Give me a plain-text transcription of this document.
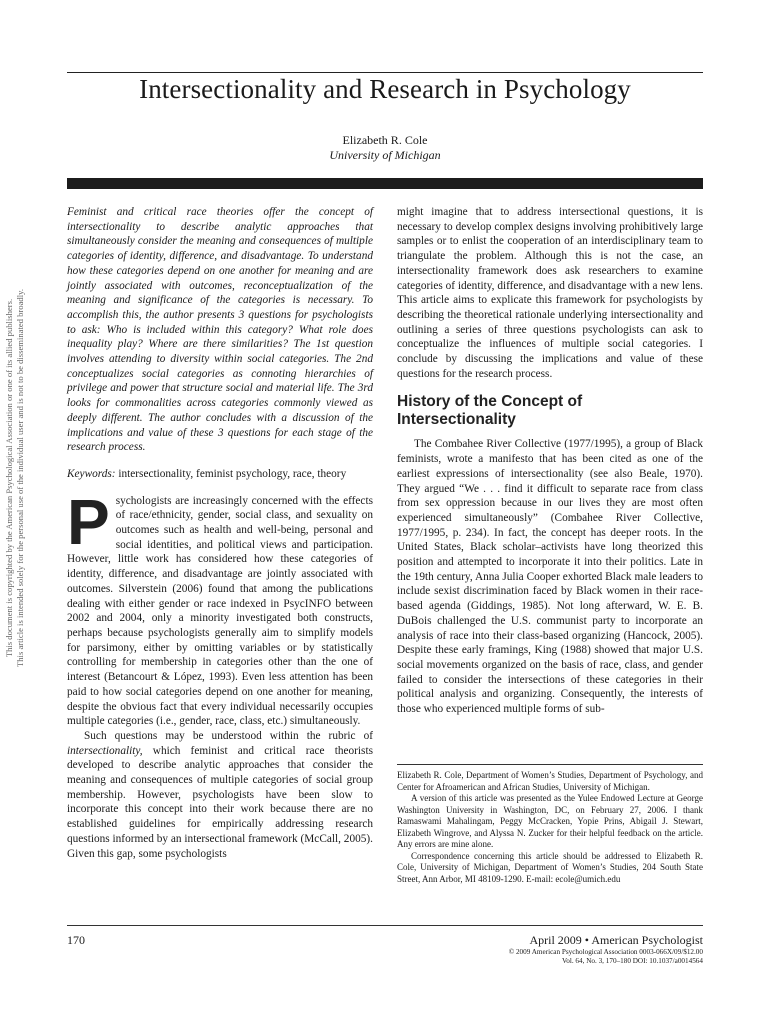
Intersectionality and Research in Psychology
Elizabeth R. Cole
University of Michigan
This document is copyrighted by the American Psychological Association or one of its allied publishers. This article is intended solely for the personal use of the individual user and is not to be disseminated broadly.

Feminist and critical race theories offer the concept of intersectionality to describe analytic approaches that simultaneously consider the meaning and consequences of multiple categories of identity, difference, and disadvantage. To understand how these categories depend on one another for meaning and are jointly associated with outcomes, reconceptualization of the meaning and significance of the categories is necessary. To accomplish this, the author presents 3 questions for psychologists to ask: Who is included within this category? What role does inequality play? Where are there similarities? The 1st question involves attending to diversity within social categories. The 2nd conceptualizes social categories as connoting hierarchies of privilege and power that structure social and material life. The 3rd looks for commonalities across categories commonly viewed as deeply different. The author concludes with a discussion of the implications and value of these 3 questions for each stage of the research process.

Keywords: intersectionality, feminist psychology, race, theory

Psychologists are increasingly concerned with the effects of race/ethnicity, gender, social class, and sexuality on outcomes such as health and well-being, personal and social identities, and political views and participation. However, little work has considered how these categories of identity, difference, and disadvantage are jointly associated with outcomes. Silverstein (2006) found that among the publications dealing with either gender or race indexed in PsycINFO between 2002 and 2004, only a minority investigated both constructs, perhaps because psychologists generally aim to simplify models for parsimony, either by omitting variables or by statistically controlling for membership in categories other than the one of interest (Betancourt & López, 1993). Even less attention has been paid to how social categories depend on one another for meaning, despite the obvious fact that every individual necessarily occupies multiple categories (i.e., gender, race, class, etc.) simultaneously.

Such questions may be understood within the rubric of intersectionality, which feminist and critical race theorists developed to describe analytic approaches that consider the meaning and consequences of multiple categories of social group membership. However, psychologists have been slow to incorporate this concept into their work because there are no established guidelines for empirically addressing research questions informed by an intersectional framework (McCall, 2005). Given this gap, some psychologists

might imagine that to address intersectional questions, it is necessary to develop complex designs involving prohibitively large samples or to enlist the cooperation of an interdisciplinary team to triangulate the problem. Although this is not the case, an intersectionality framework does ask researchers to examine categories of identity, difference, and disadvantage with a new lens. This article aims to explicate this framework for psychologists by describing the theoretical rationale underlying intersectionality and outlining a series of three questions psychologists can ask to conceptualize the influences of multiple social categories. I conclude by discussing the implications and value of these questions for the research process.

History of the Concept of Intersectionality

The Combahee River Collective (1977/1995), a group of Black feminists, wrote a manifesto that has been cited as one of the earliest expressions of intersectionality (see also Beale, 1970). They argued “We . . . find it difficult to separate race from class from sex oppression because in our lives they are most often experienced simultaneously” (Combahee River Collective, 1977/1995, p. 234). In fact, the concept has deeper roots. In the United States, Black scholar–activists have long theorized this position and attempted to incorporate it into their politics. Late in the 19th century, Anna Julia Cooper exhorted Black male leaders to include sexist discrimination faced by Black women in their race-based agenda (Giddings, 1985). Not long afterward, W. E. B. DuBois challenged the U.S. communist party to incorporate an analysis of race into their class-based organizing (Hancock, 2005). Despite these early framings, King (1988) showed that major U.S. social movements organized on the basis of race, class, and gender failed to consider the intersections of these categories in their political analysis and organizing. Consequently, the interests of those who experienced multiple forms of sub-

Elizabeth R. Cole, Department of Women’s Studies, Department of Psychology, and Center for Afroamerican and African Studies, University of Michigan.

A version of this article was presented as the Yulee Endowed Lecture at George Washington University in Washington, DC, on February 27, 2006. I thank Ramaswami Mahalingam, Peggy McCracken, Yopie Prins, Abigail J. Stewart, Elizabeth Wingrove, and Alyssa N. Zucker for their helpful feedback on the article. Any errors are mine alone.

Correspondence concerning this article should be addressed to Elizabeth R. Cole, University of Michigan, Department of Women’s Studies, 204 South State Street, Ann Arbor, MI 48109-1290. E-mail: ecole@umich.edu

170	April 2009 • American Psychologist
© 2009 American Psychological Association 0003-066X/09/$12.00
Vol. 64, No. 3, 170–180 DOI: 10.1037/a0014564
